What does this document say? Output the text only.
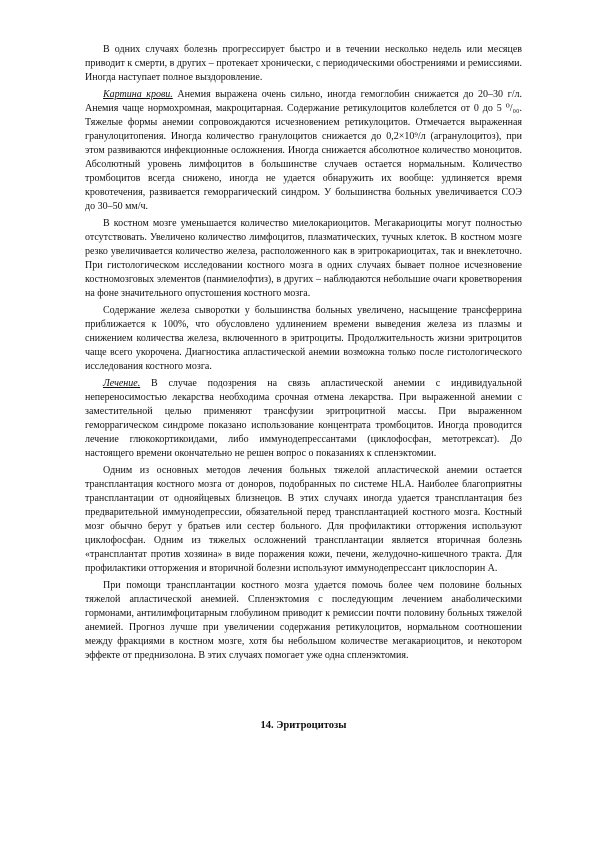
В одних случаях болезнь прогрессирует быстро и в течении несколько недель или месяцев приводит к смерти, в других – протекает хронически, с периодическими обострениями и ремиссиями. Иногда наступает полное выздоровление.

Картина крови. Анемия выражена очень сильно, иногда гемоглобин снижается до 20–30 г/л. Анемия чаще нормохромная, макроцитарная. Содержание ретикулоцитов колеблется от 0 до 5 ⁰/₀₀. Тяжелые формы анемии сопровождаются исчезновением ретикулоцитов. Отмечается выраженная гранулоцитопения. Иногда количество гранулоцитов снижается до 0,2×10⁹/л (агранулоцитоз), при этом развиваются инфекционные осложнения. Иногда снижается абсолютное количество моноцитов. Абсолютный уровень лимфоцитов в большинстве случаев остается нормальным. Количество тромбоцитов всегда снижено, иногда не удается обнаружить их вообще: удлиняется время кровотечения, развивается геморрагический синдром. У большинства больных увеличивается СОЭ до 30–50 мм/ч.

В костном мозге уменьшается количество миелокариоцитов. Мегакариоциты могут полностью отсутствовать. Увеличено количество лимфоцитов, плазматических, тучных клеток. В костном мозге резко увеличивается количество железа, расположенного как в эритрокариоцитах, так и внеклеточно. При гистологическом исследовании костного мозга в одних случаях бывает полное исчезновение костномозговых элементов (панмиелофтиз), в других – наблюдаются небольшие очаги кроветворения на фоне значительного опустошения костного мозга.

Содержание железа сыворотки у большинства больных увеличено, насыщение трансферрина приближается к 100%, что обусловлено удлинением времени выведения железа из плазмы и снижением количества железа, включенного в эритроциты. Продолжительность жизни эритроцитов чаще всего укорочена. Диагностика апластической анемии возможна только после гистологического исследования костного мозга.

Лечение. В случае подозрения на связь апластической анемии с индивидуальной непереносимостью лекарства необходима срочная отмена лекарства. При выраженной анемии с заместительной целью применяют трансфузии эритроцитной массы. При выраженном геморрагическом синдроме показано использование концентрата тромбоцитов. Иногда проводится лечение глюкокортикоидами, либо иммунодепрессантами (циклофосфан, метотрексат). До настоящего времени окончательно не решен вопрос о показаниях к спленэктомии.

Одним из основных методов лечения больных тяжелой апластической анемии остается трансплантация костного мозга от доноров, подобранных по системе HLA. Наиболее благоприятны трансплантации от однояйцевых близнецов. В этих случаях иногда удается трансплантация без предварительной иммунодепрессии, обязательной перед трансплантацией костного мозга. Костный мозг обычно берут у братьев или сестер больного. Для профилактики отторжения используют циклофосфан. Одним из тяжелых осложнений трансплантации является вторичная болезнь «трансплантат против хозяина» в виде поражения кожи, печени, желудочно-кишечного тракта. Для профилактики отторжения и вторичной болезни используют иммунодепрессант циклоспорин А.

При помощи трансплантации костного мозга удается помочь более чем половине больных тяжелой апластической анемией. Спленэктомия с последующим лечением анаболическими гормонами, антилимфоцитарным глобулином приводит к ремиссии почти половину больных тяжелой анемией. Прогноз лучше при увеличении содержания ретикулоцитов, нормальном соотношении между фракциями в костном мозге, хотя бы небольшом количестве мегакариоцитов, и некотором эффекте от преднизолона. В этих случаях помогает уже одна спленэктомия.

14. Эритроцитозы
